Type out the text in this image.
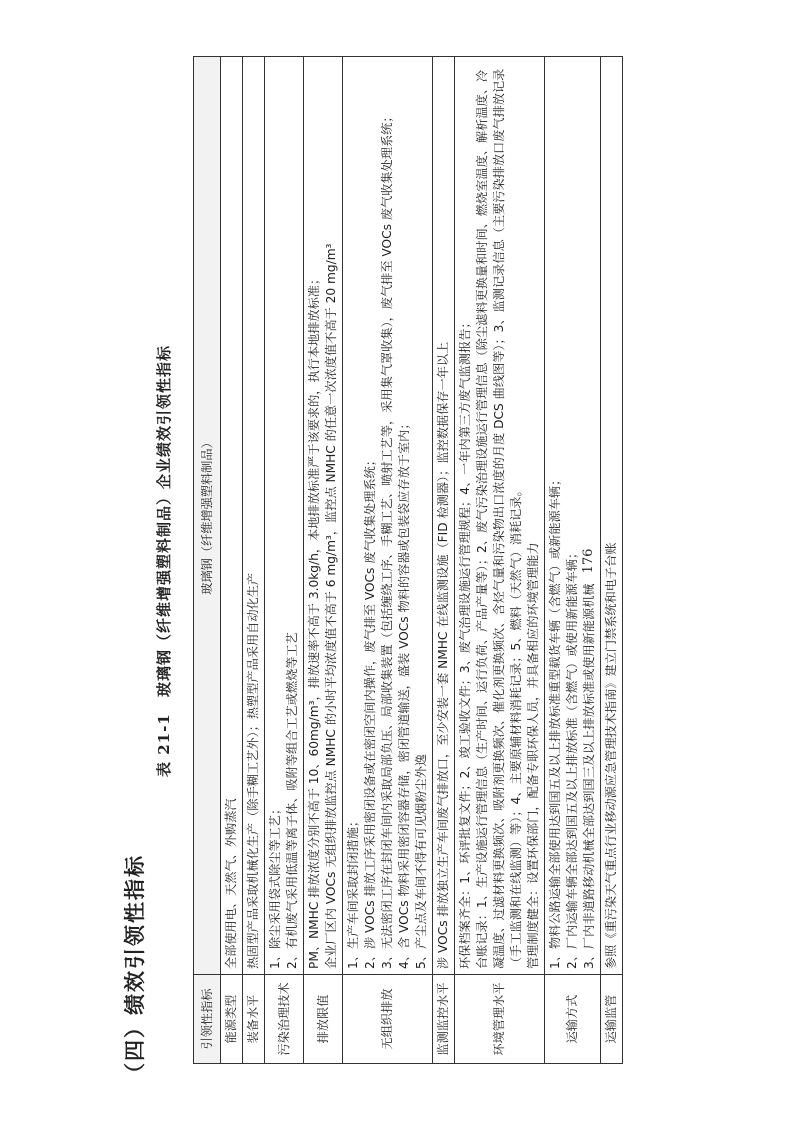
（四）绩效引领性指标
表 21-1 玻璃钢（纤维增强塑料制品）企业绩效引领性指标
引领性指标	玻璃钢（纤维增强塑料制品）
能源类型	全部使用电、天然气、外购蒸汽

装备水平	热固型产品采取机械化生产（除手糊工艺外）；热塑型产品采用自动化生产

污染治理技术	1、除尘采用袋式除尘等工艺； 2、有机废气采用低温等离子体、吸附等组合工艺或燃烧等工艺

排放限值	PM、NMHC 排放浓度分别不高于 10、60mg/m³，排放速率不高于 3.0kg/h，本地排放标准严于该要求的，执行本地排放标准； 企业厂区内 VOCs 无组织排放监控点 NMHC 的小时平均浓度值不高于 6 mg/m³，监控点 NMHC 的任意一次浓度值不高于 20 mg/m³

无组织排放	1、生产车间采取封闭措施； 2、涉 VOCs 排放工序采用密闭设备或在密闭空间内操作，废气排至 VOCs 废气收集处理系统； 3、无法密闭工序在封闭车间内采取局部负压、局部收集装置（包括缠绕工序、手糊工艺、喷射工艺等，采用集气罩收集），废气排至 VOCs 废气收集处理系统； 4、含 VOCs 物料采用密闭容器存储，密闭管道输送，盛装 VOCs 物料的容器或包装袋应存放于室内； 5、产尘点及车间不得有可见烟粉尘外逸

监测监控水平	涉 VOCs 排放独立生产车间废气排放口，至少安装一套 NMHC 在线监测设施（FID 检测器）；监控数据保存一年以上

环境管理水平	环保档案齐全：1、环评批复文件；2、竣工验收文件；3、废气治理设施运行管理规程；4、一年内第三方废气监测报告； 台账记录：1、生产设施运行管理信息（生产时间、运行负荷、产品产量等）；2、废气污染治理设施运行管理信息（除尘滤料更换量和时间、燃烧室温度、解析温度、冷凝温度、过滤材料更换频次、吸附剂更换频次、催化剂更换频次、含烃气量和污染物出口浓度的月度 DCS 曲线图等）；3、监测记录信息（主要污染排放口废气排放记录（手工监测和在线监测）等）；4、主要原辅材料消耗记录；5、燃料（天然气）消耗记录。 管理制度健全：设置环保部门，配备专职环保人员，并具备相应的环境管理能力

运输方式	1、物料公路运输全部使用达到国五及以上排放标准重型载货车辆（含燃气）或新能源车辆； 2、厂内运输车辆全部达到国五及以上排放标准（含燃气）或使用新能源车辆； 3、厂内非道路移动机械全部达到国三及以上排放标准或使用新能源机械

运输监管	参照《重污染天气重点行业移动源应急管理技术指南》建立门禁系统和电子台账
176
